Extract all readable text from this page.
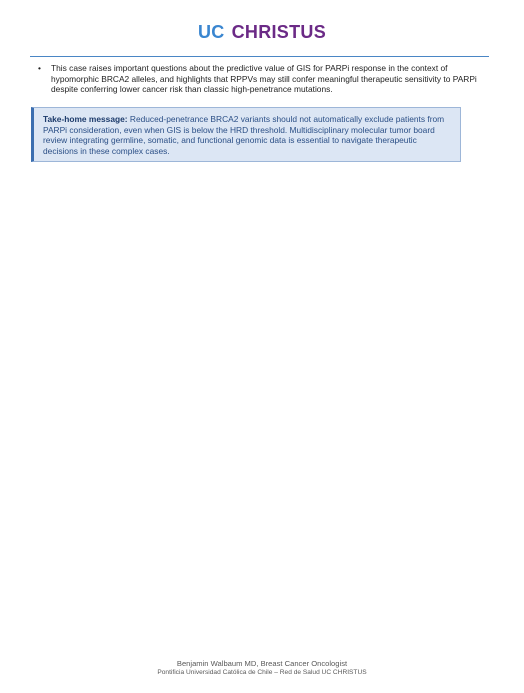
UC CHRISTUS
• This case raises important questions about the predictive value of GIS for PARPi response in the context of hypomorphic BRCA2 alleles, and highlights that RPPVs may still confer meaningful therapeutic sensitivity to PARPi despite conferring lower cancer risk than classic high-penetrance mutations.
Take-home message: Reduced-penetrance BRCA2 variants should not automatically exclude patients from PARPi consideration, even when GIS is below the HRD threshold. Multidisciplinary molecular tumor board review integrating germline, somatic, and functional genomic data is essential to navigate therapeutic decisions in these complex cases.
Benjamin Walbaum MD, Breast Cancer Oncologist
Pontificia Universidad Católica de Chile – Red de Salud UC CHRISTUS
